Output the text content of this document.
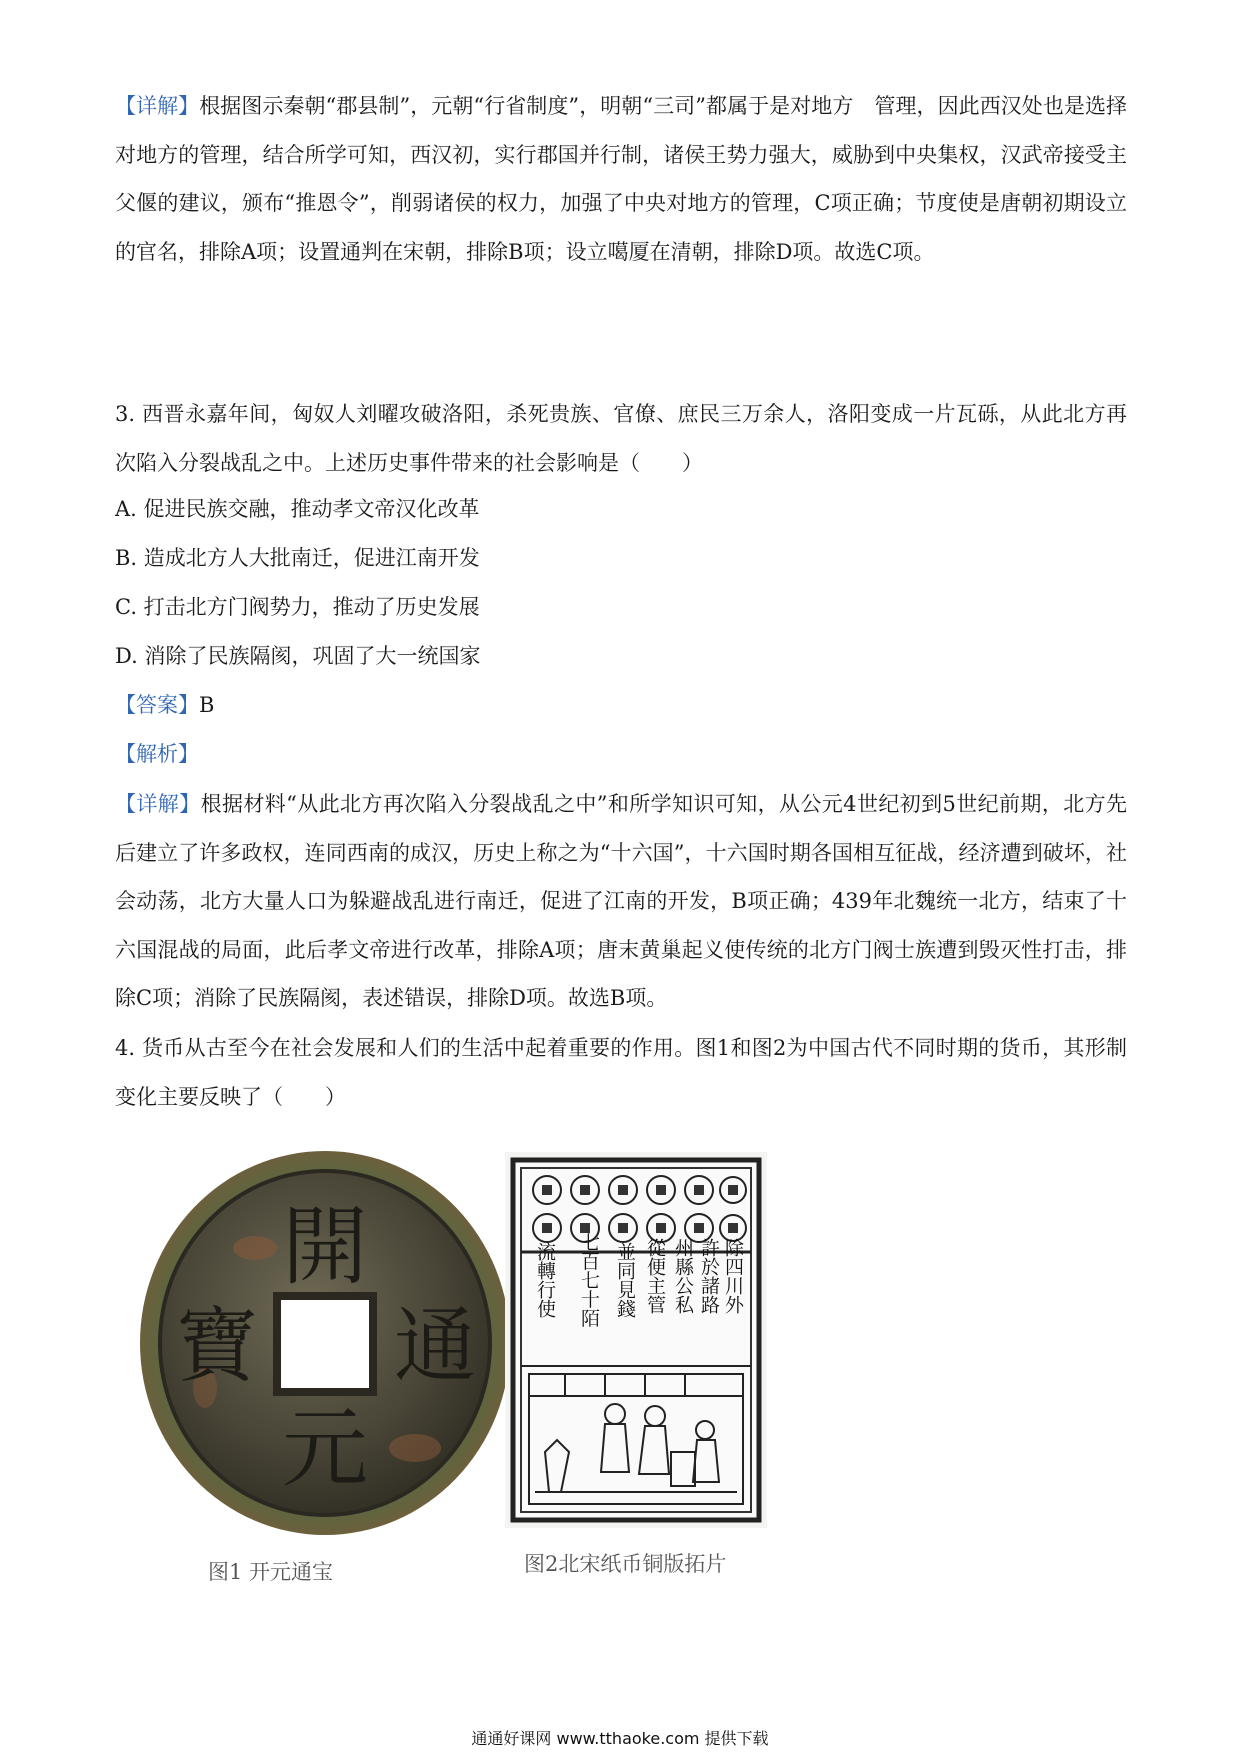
【详解】根据图示秦朝“郡县制”，元朝“行省制度”，明朝“三司”都属于是对地方　管理，因此西汉处也是选择对地方的管理，结合所学可知，西汉初，实行郡国并行制，诸侯王势力强大，威胁到中央集权，汉武帝接受主父偃的建议，颁布“推恩令”，削弱诸侯的权力，加强了中央对地方的管理，C项正确；节度使是唐朝初期设立的官名，排除A项；设置通判在宋朝，排除B项；设立噶厦在清朝，排除D项。故选C项。

3. 西晋永嘉年间，匈奴人刘曜攻破洛阳，杀死贵族、官僚、庶民三万余人，洛阳变成一片瓦砾，从此北方再次陷入分裂战乱之中。上述历史事件带来的社会影响是（　　）

A. 促进民族交融，推动孝文帝汉化改革

B. 造成北方人大批南迁，促进江南开发

C. 打击北方门阀势力，推动了历史发展

D. 消除了民族隔阂，巩固了大一统国家

【答案】B

【解析】

【详解】根据材料“从此北方再次陷入分裂战乱之中”和所学知识可知，从公元4世纪初到5世纪前期，北方先后建立了许多政权，连同西南的成汉，历史上称之为“十六国”，十六国时期各国相互征战，经济遭到破坏，社会动荡，北方大量人口为躲避战乱进行南迁，促进了江南的开发，B项正确；439年北魏统一北方，结束了十六国混战的局面，此后孝文帝进行改革，排除A项；唐末黄巢起义使传统的北方门阀士族遭到毁灭性打击，排除C项；消除了民族隔阂，表述错误，排除D项。故选B项。

4. 货币从古至今在社会发展和人们的生活中起着重要的作用。图1和图2为中国古代不同时期的货币，其形制变化主要反映了（　　）

開
通
元
寶
图1 开元通宝
除四川外
許於諸路
州縣公私
從便主管
並同見錢
七百七十陌
流轉行使
图2北宋纸币铜版拓片
通通好课网 www.tthaoke.com 提供下载
